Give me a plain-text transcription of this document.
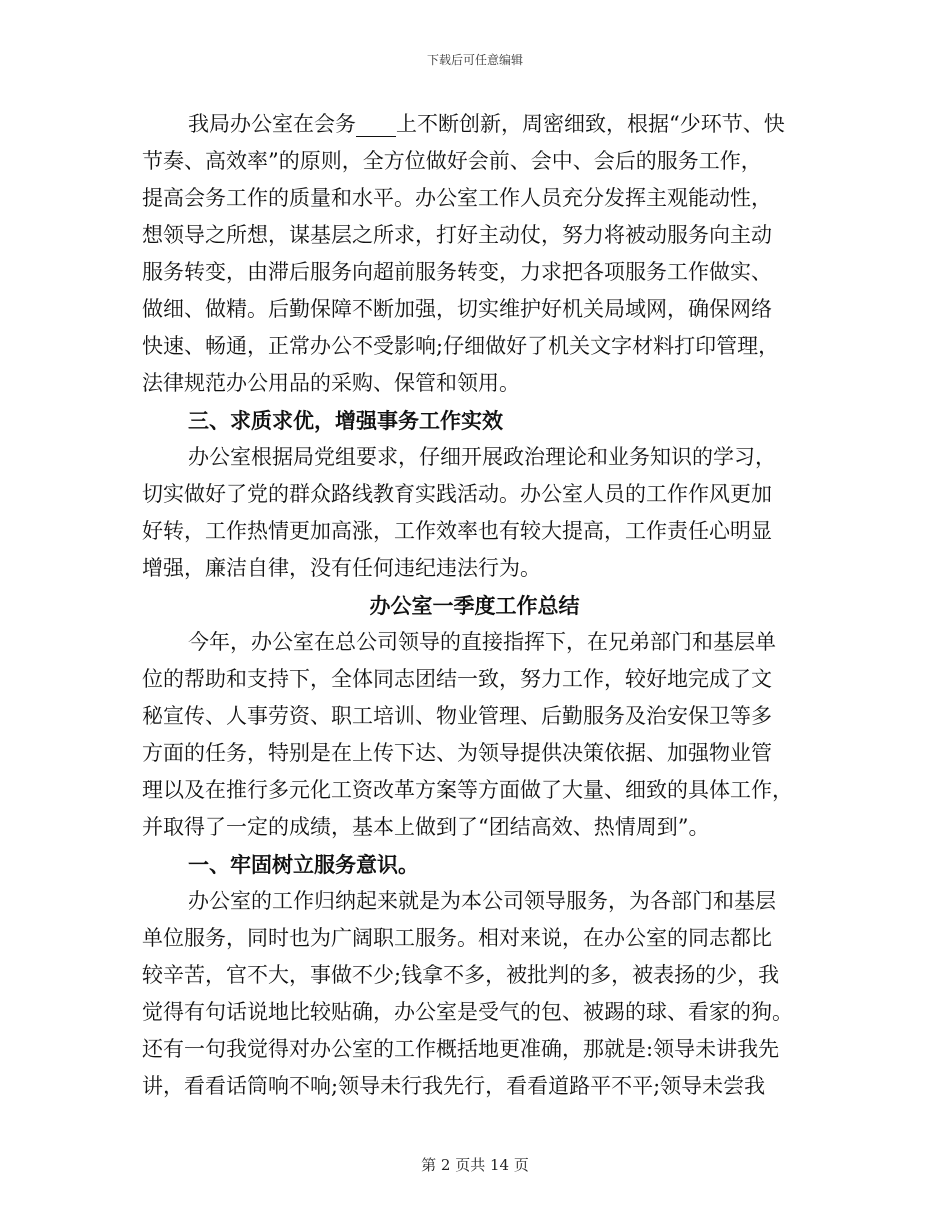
下载后可任意编辑
我局办公室在会务 上不断创新，周密细致，根据“少环节、快
节奏、高效率”的原则，全方位做好会前、会中、会后的服务工作，
提高会务工作的质量和水平。办公室工作人员充分发挥主观能动性，
想领导之所想，谋基层之所求，打好主动仗，努力将被动服务向主动
服务转变，由滞后服务向超前服务转变，力求把各项服务工作做实、
做细、做精。后勤保障不断加强，切实维护好机关局域网，确保网络
快速、畅通，正常办公不受影响;仔细做好了机关文字材料打印管理，
法律规范办公用品的采购、保管和领用。
三、求质求优，增强事务工作实效
办公室根据局党组要求，仔细开展政治理论和业务知识的学习，
切实做好了党的群众路线教育实践活动。办公室人员的工作作风更加
好转，工作热情更加高涨，工作效率也有较大提高，工作责任心明显
增强，廉洁自律，没有任何违纪违法行为。
办公室一季度工作总结
今年，办公室在总公司领导的直接指挥下，在兄弟部门和基层单
位的帮助和支持下，全体同志团结一致，努力工作，较好地完成了文
秘宣传、人事劳资、职工培训、物业管理、后勤服务及治安保卫等多
方面的任务，特别是在上传下达、为领导提供决策依据、加强物业管
理以及在推行多元化工资改革方案等方面做了大量、细致的具体工作，
并取得了一定的成绩，基本上做到了“团结高效、热情周到”。
一、牢固树立服务意识。
办公室的工作归纳起来就是为本公司领导服务，为各部门和基层
单位服务，同时也为广阔职工服务。相对来说，在办公室的同志都比
较辛苦，官不大，事做不少;钱拿不多，被批判的多，被表扬的少，我
觉得有句话说地比较贴确，办公室是受气的包、被踢的球、看家的狗。
还有一句我觉得对办公室的工作概括地更准确，那就是:领导未讲我先
讲，看看话筒响不响;领导未行我先行，看看道路平不平;领导未尝我
第 2 页共 14 页
